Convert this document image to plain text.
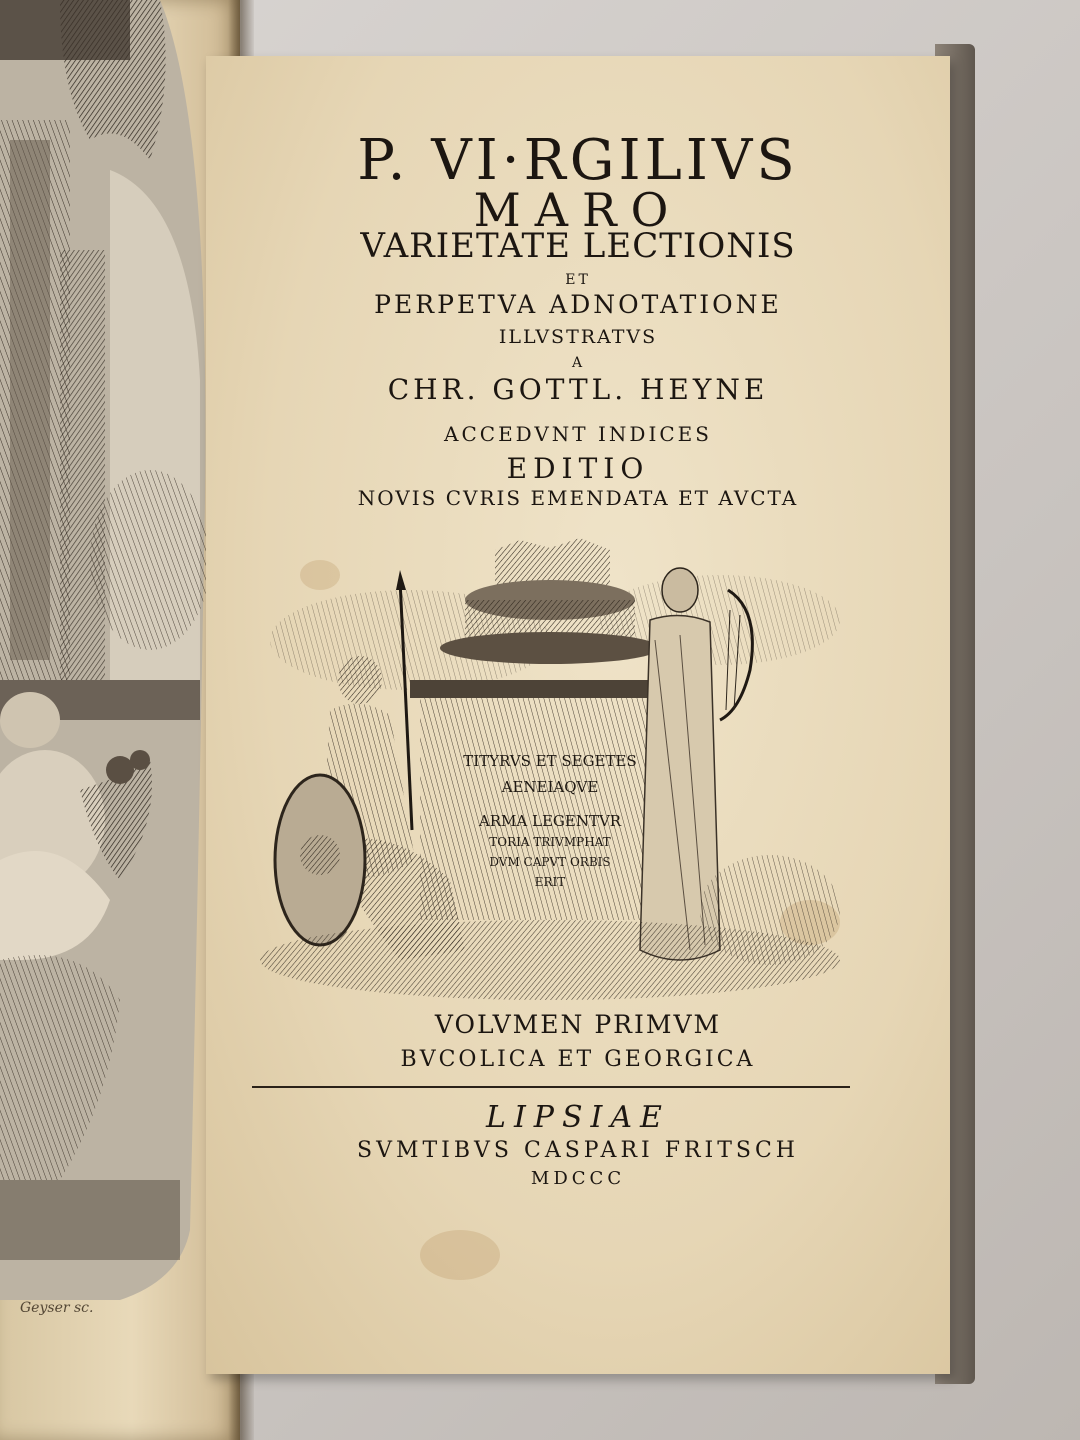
Geyser sc.
P. VI·RGILIVS
MARO
VARIETATE LECTIONIS
ET
PERPETVA ADNOTATIONE
ILLVSTRATVS
A
CHR. GOTTL. HEYNE
ACCEDVNT INDICES
EDITIO
NOVIS CVRIS EMENDATA ET AVCTA
TITYRVS ET SEGETES
AENEIAQVE
ARMA LEGENTVR
TORIA TRIVMPHAT
DVM CAPVT ORBIS
ERIT
VOLVMEN PRIMVM
BVCOLICA ET GEORGICA
LIPSIAE
SVMTIBVS CASPARI FRITSCH
MDCCC
